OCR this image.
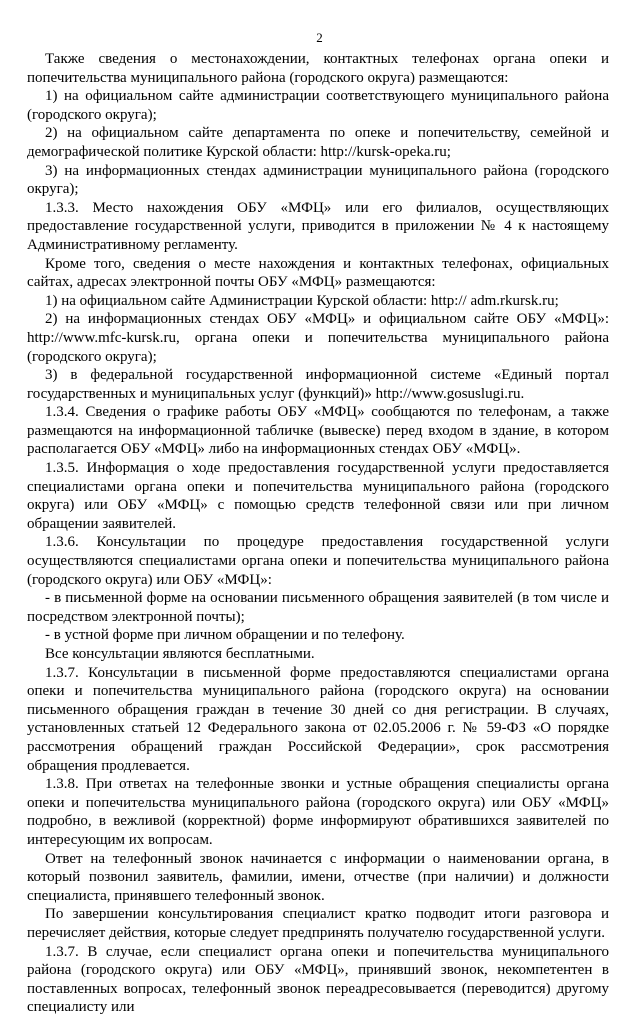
2

Также сведения о местонахождении, контактных телефонах органа опеки и попечительства муниципального района (городского округа) размещаются:

1) на официальном сайте администрации соответствующего муниципального района (городского округа);

2) на официальном сайте департамента по опеке и попечительству, семейной и демографической политике Курской области: http://kursk-opeka.ru;

3) на информационных стендах администрации муниципального района (городского округа);

1.3.3. Место нахождения ОБУ «МФЦ» или его филиалов, осуществляющих предоставление государственной услуги, приводится в приложении № 4 к настоящему Административному регламенту.

Кроме того, сведения о месте нахождения и контактных телефонах, официальных сайтах, адресах электронной почты ОБУ «МФЦ» размещаются:

1) на официальном сайте Администрации Курской области: http:// adm.rkursk.ru;

2) на информационных стендах ОБУ «МФЦ» и официальном сайте ОБУ «МФЦ»: http://www.mfc-kursk.ru, органа опеки и попечительства муниципального района (городского округа);

3) в федеральной государственной информационной системе «Единый портал государственных и муниципальных услуг (функций)» http://www.gosuslugi.ru.

1.3.4. Сведения о графике работы ОБУ «МФЦ» сообщаются по телефонам, а также размещаются на информационной табличке (вывеске) перед входом в здание, в котором располагается ОБУ «МФЦ» либо на информационных стендах ОБУ «МФЦ».

1.3.5. Информация о ходе предоставления государственной услуги предоставляется специалистами органа опеки и попечительства муниципального района (городского округа) или ОБУ «МФЦ» с помощью средств телефонной связи или при личном обращении заявителей.

1.3.6. Консультации по процедуре предоставления государственной услуги осуществляются специалистами органа опеки и попечительства муниципального района (городского округа) или ОБУ «МФЦ»:

- в письменной форме на основании письменного обращения заявителей (в том числе и посредством электронной почты);

- в устной форме при личном обращении и по телефону.

Все консультации являются бесплатными.

1.3.7. Консультации в письменной форме предоставляются специалистами органа опеки и попечительства муниципального района (городского округа) на основании письменного обращения граждан в течение 30 дней со дня регистрации. В случаях, установленных статьей 12 Федерального закона от 02.05.2006 г. № 59-ФЗ «О порядке рассмотрения обращений граждан Российской Федерации», срок рассмотрения обращения продлевается.

1.3.8. При ответах на телефонные звонки и устные обращения специалисты органа опеки и попечительства муниципального района (городского округа) или ОБУ «МФЦ» подробно, в вежливой (корректной) форме информируют обратившихся заявителей по интересующим их вопросам.

Ответ на телефонный звонок начинается с информации о наименовании органа, в который позвонил заявитель, фамилии, имени, отчестве (при наличии) и должности специалиста, принявшего телефонный звонок.

По завершении консультирования специалист кратко подводит итоги разговора и перечисляет действия, которые следует предпринять получателю государственной услуги.

1.3.7. В случае, если специалист органа опеки и попечительства муниципального района (городского округа) или ОБУ «МФЦ», принявший звонок, некомпетентен в поставленных вопросах, телефонный звонок переадресовывается (переводится) другому специалисту или
